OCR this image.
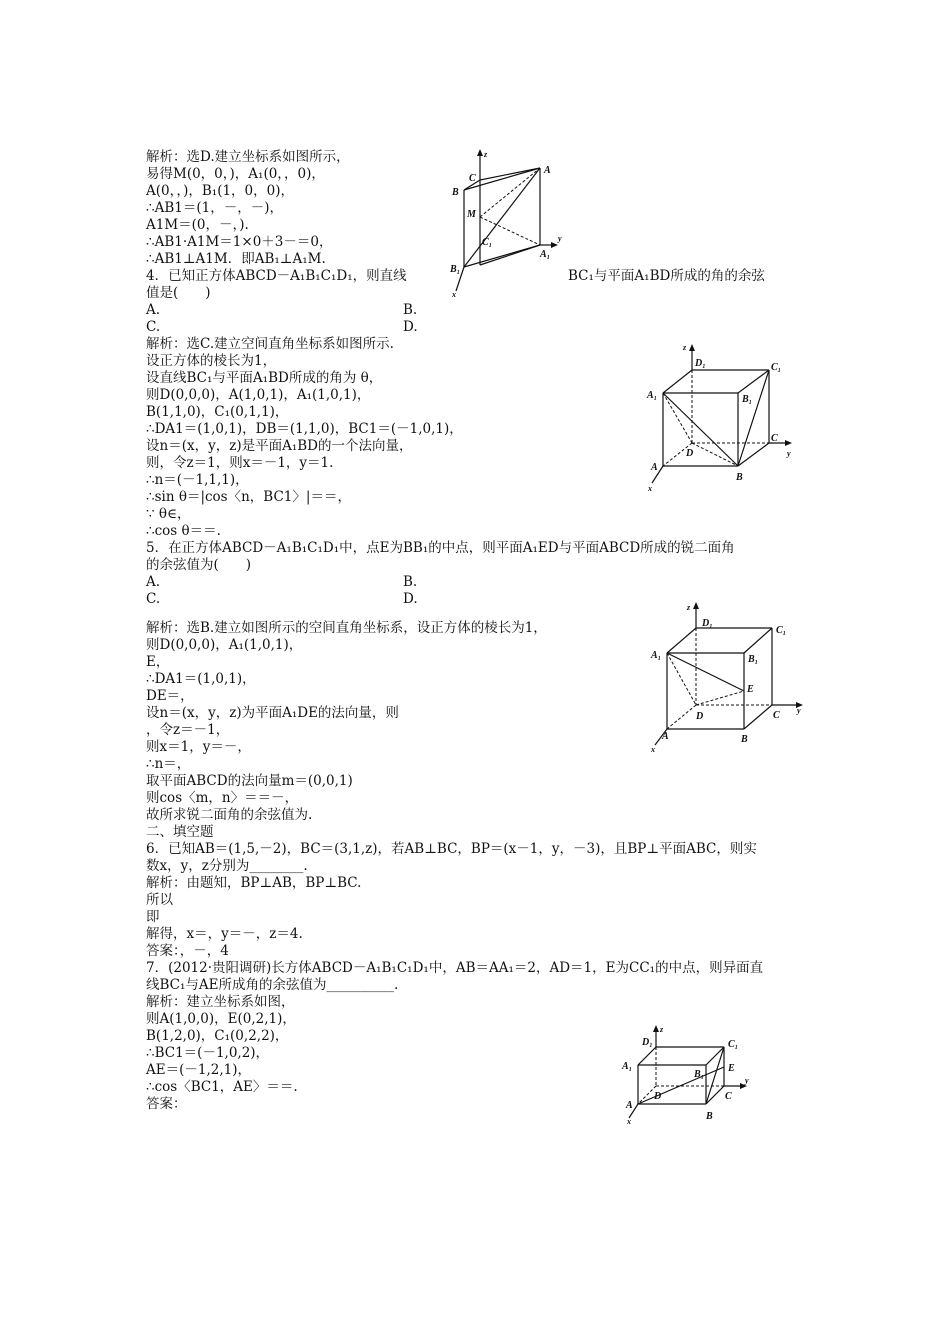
解析：选D.建立坐标系如图所示，
易得M(0，0，)，A₁(0，，0)，
A(0，，)，B₁(1，0，0)，
∴AB1＝(1，－，－)，
A1M＝(0，－，).
∴AB1·A1M＝1×0＋3－＝0，
∴AB1⊥A1M．即AB₁⊥A₁M.
4．已知正方体ABCD－A₁B₁C₁D₁，则直线	BC₁与平面A₁BD所成的角的余弦
值是(　　)
A.	B.
C.	D.
解析：选C.建立空间直角坐标系如图所示.
设正方体的棱长为1，
设直线BC₁与平面A₁BD所成的角为 θ，
则D(0,0,0)，A(1,0,1)，A₁(1,0,1)，
B(1,1,0)，C₁(0,1,1)，
∴DA1＝(1,0,1)，DB＝(1,1,0)，BC1＝(－1,0,1)，
设n＝(x，y，z)是平面A₁BD的一个法向量，
则，令z＝1，则x＝－1，y＝1.
∴n＝(－1,1,1)，
∴sin θ＝|cos〈n，BC1〉|＝＝，
∵ θ∈，
∴cos θ＝＝.
5．在正方体ABCD－A₁B₁C₁D₁中，点E为BB₁的中点，则平面A₁ED与平面ABCD所成的锐二面角
的余弦值为(　　)
A.	B.
C.	D.
解析：选B.建立如图所示的空间直角坐标系，设正方体的棱长为1，
则D(0,0,0)，A₁(1,0,1)，
E，
∴DA1＝(1,0,1)，
DE＝，
设n＝(x，y，z)为平面A₁DE的法向量，则
，令z＝－1，
则x＝1，y＝－，
∴n＝，
取平面ABCD的法向量m＝(0,0,1)
则cos〈m，n〉＝＝－，
故所求锐二面角的余弦值为.
二、填空题
6．已知AB＝(1,5,－2)，BC＝(3,1,z)，若AB⊥BC，BP＝(x－1，y，－3)，且BP⊥平面ABC，则实
数x，y，z分别为________.
解析：由题知，BP⊥AB，BP⊥BC.
所以
即
解得，x＝，y＝－，z＝4.
答案：，－，4
7．(2012·贵阳调研)长方体ABCD－A₁B₁C₁D₁中，AB＝AA₁＝2，AD＝1，E为CC₁的中点，则异面直
线BC₁与AE所成角的余弦值为__________.
解析：建立坐标系如图，
则A(1,0,0)，E(0,2,1)，
B(1,2,0)，C₁(0,2,2)，
∴BC1＝(－1,0,2)，
AE＝(－1,2,1)，
∴cos〈BC1，AE〉＝＝.
答案：
z
y
x
A
B
C
M
C₁
A₁
B₁
z
y
x
D₁	C₁
A₁	B₁
C
D
A
B
z
y
x
D₁
C₁
A₁	B₁
E
D	C
A	B
z
y
x
D₁	C₁
A₁
B₁
E
D	C
A
B
